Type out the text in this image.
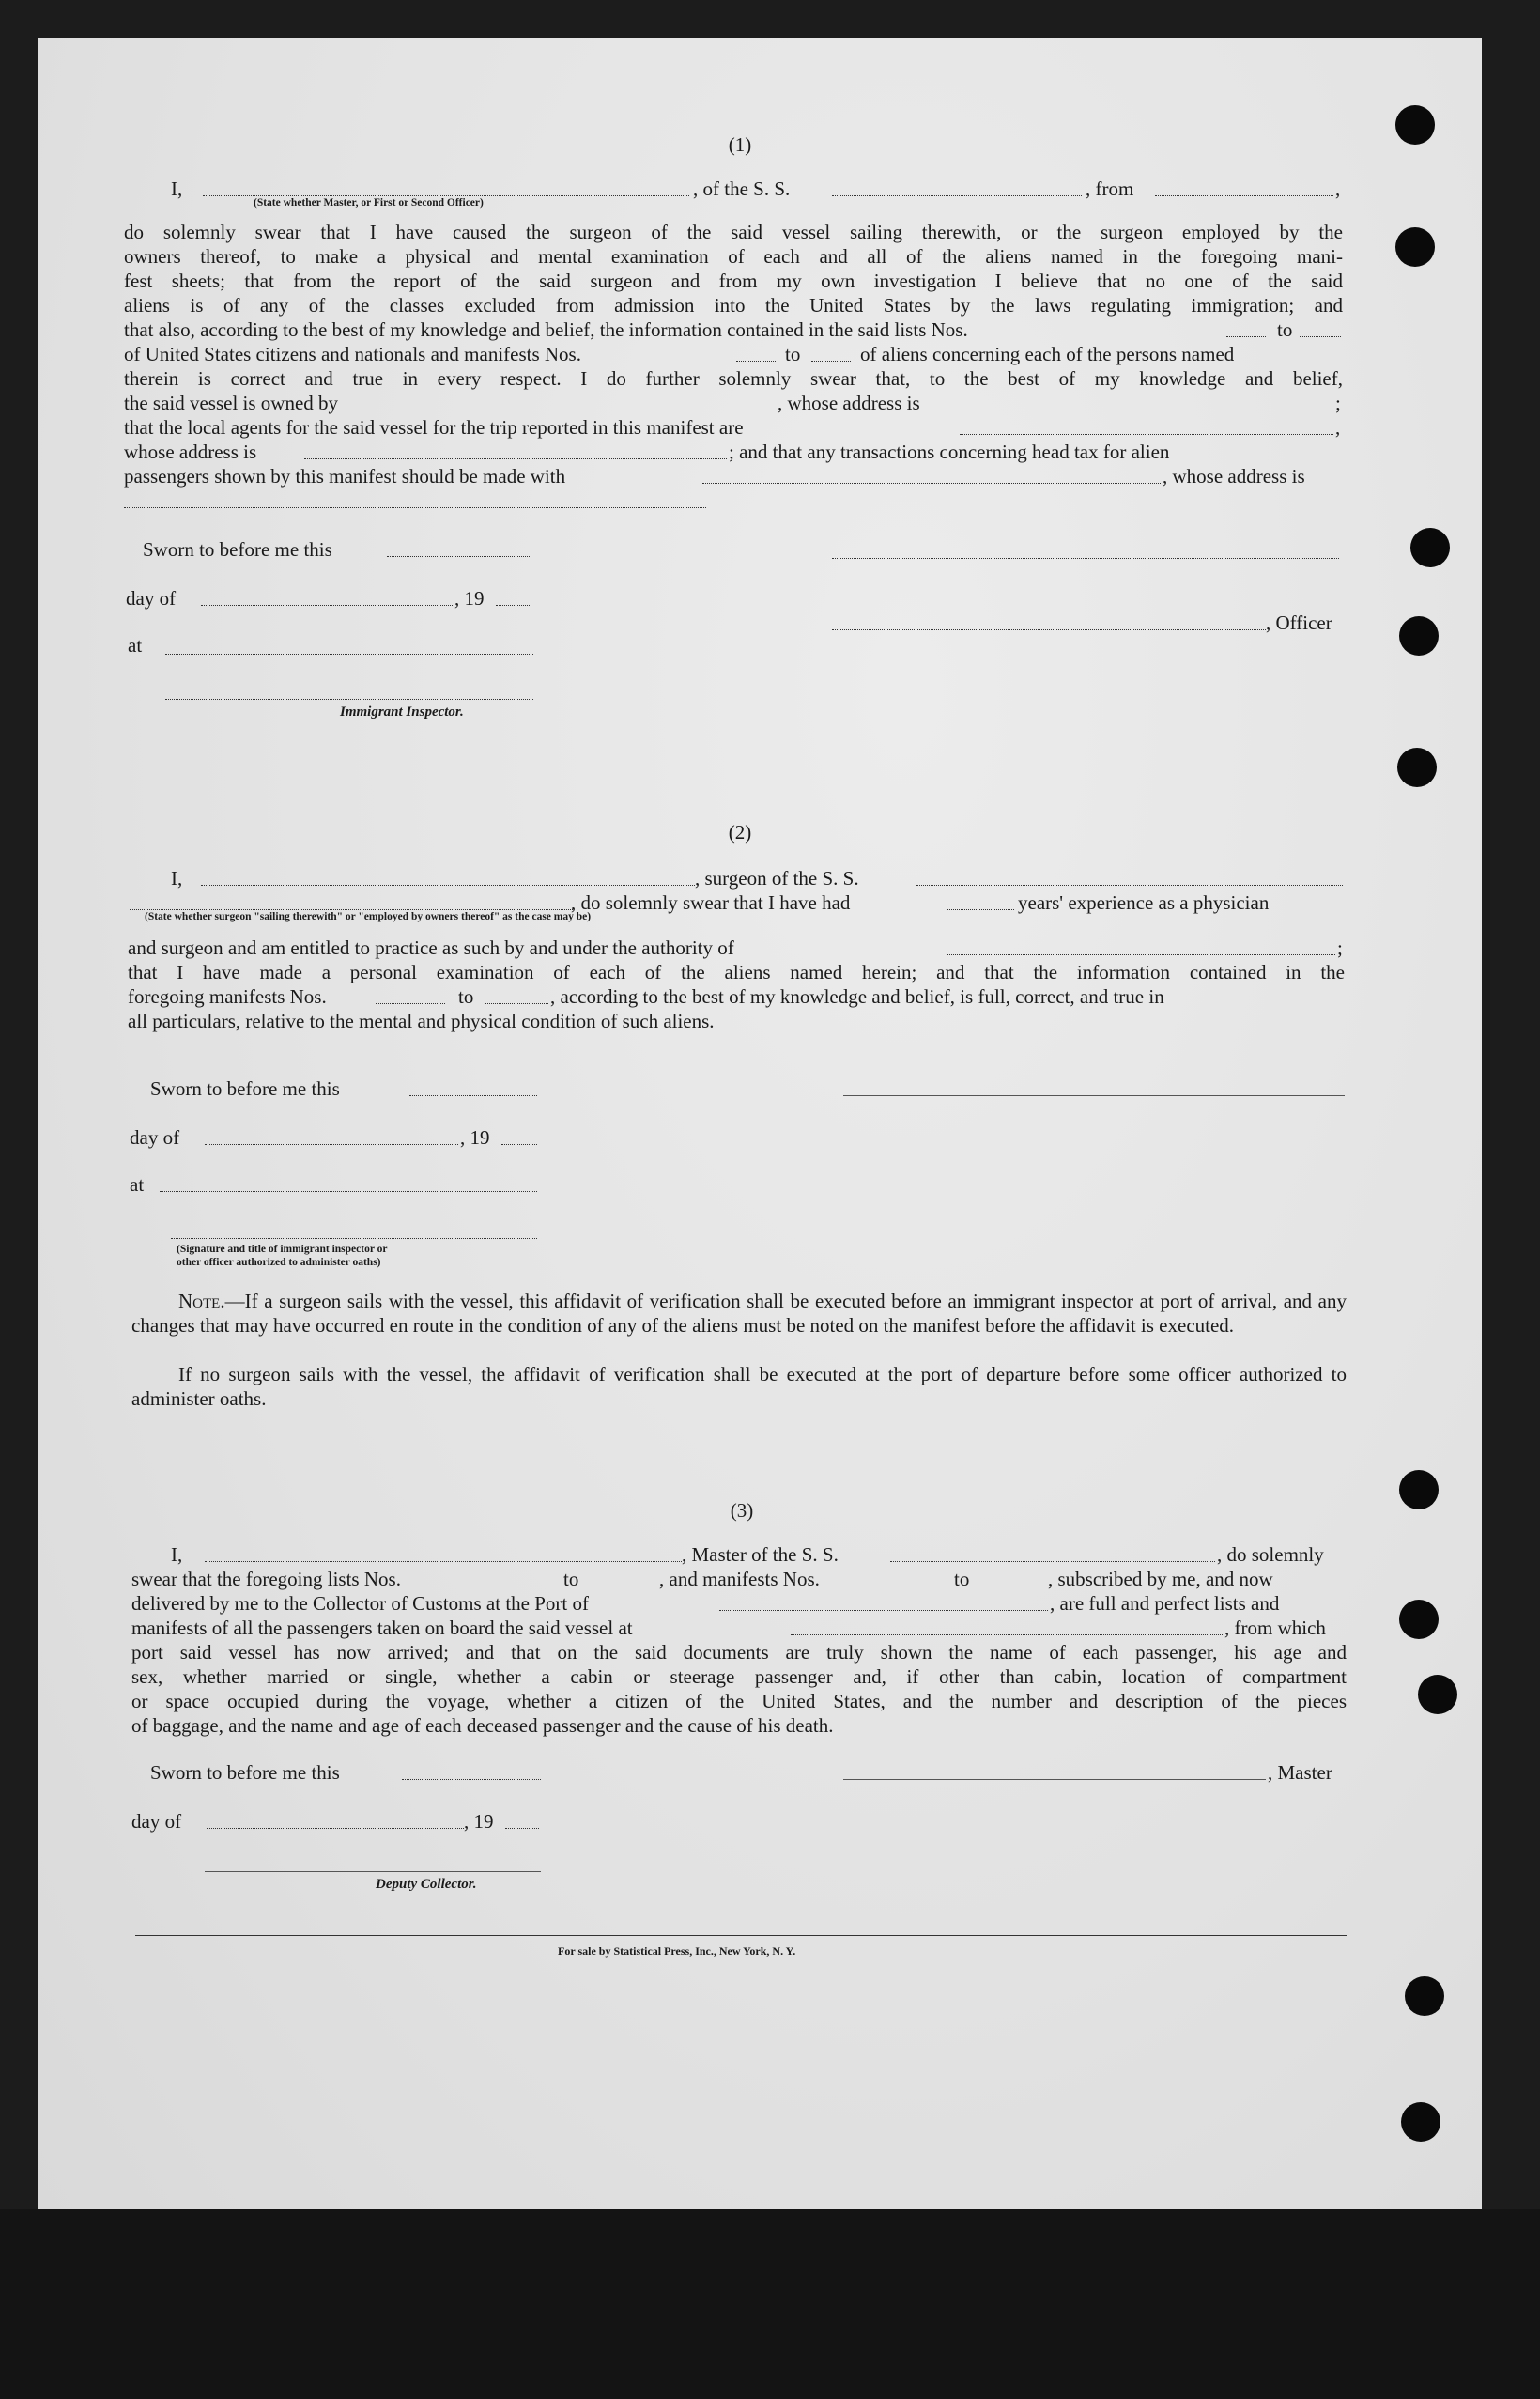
(1)
I,	, of the S. S.	, from	,
(State whether Master, or First or Second Officer)
do solemnly swear that I have caused the surgeon of the said vessel sailing therewith, or the surgeon employed by the
owners thereof, to make a physical and mental examination of each and all of the aliens named in the foregoing mani-
fest sheets; that from the report of the said surgeon and from my own investigation I believe that no one of the said
aliens is of any of the classes excluded from admission into the United States by the laws regulating immigration; and
that also, according to the best of my knowledge and belief, the information contained in the said lists Nos.	to
of United States citizens and nationals and manifests Nos.	to	of aliens concerning each of the persons named
therein is correct and true in every respect. I do further solemnly swear that, to the best of my knowledge and belief,
the said vessel is owned by	, whose address is	;
that the local agents for the said vessel for the trip reported in this manifest are	,
whose address is	; and that any transactions concerning head tax for alien
passengers shown by this manifest should be made with	, whose address is
Sworn to before me this
day of	, 19
, Officer
at
Immigrant Inspector.
(2)
I,	, surgeon of the S. S.
, do solemnly swear that I have had	years' experience as a physician
(State whether surgeon "sailing therewith" or "employed by owners thereof" as the case may be)
and surgeon and am entitled to practice as such by and under the authority of	;
that I have made a personal examination of each of the aliens named herein; and that the information contained in the
foregoing manifests Nos.	to	, according to the best of my knowledge and belief, is full, correct, and true in
all particulars, relative to the mental and physical condition of such aliens.
Sworn to before me this
day of	, 19
at
(Signature and title of immigrant inspector or
other officer authorized to administer oaths)
Note.—If a surgeon sails with the vessel, this affidavit of verification shall be executed before an immigrant inspector at port of arrival, and any changes that may have occurred en route in the condition of any of the aliens must be noted on the manifest before the affidavit is executed.
If no surgeon sails with the vessel, the affidavit of verification shall be executed at the port of departure before some officer authorized to administer oaths.
(3)
I,	, Master of the S. S.	, do solemnly
swear that the foregoing lists Nos.	to	, and manifests Nos.	to	, subscribed by me, and now
delivered by me to the Collector of Customs at the Port of	, are full and perfect lists and
manifests of all the passengers taken on board the said vessel at	, from which
port said vessel has now arrived; and that on the said documents are truly shown the name of each passenger, his age and
sex, whether married or single, whether a cabin or steerage passenger and, if other than cabin, location of compartment
or space occupied during the voyage, whether a citizen of the United States, and the number and description of the pieces
of baggage, and the name and age of each deceased passenger and the cause of his death.
Sworn to before me this	, Master
day of	, 19
Deputy Collector.
For sale by Statistical Press, Inc., New York, N. Y.
